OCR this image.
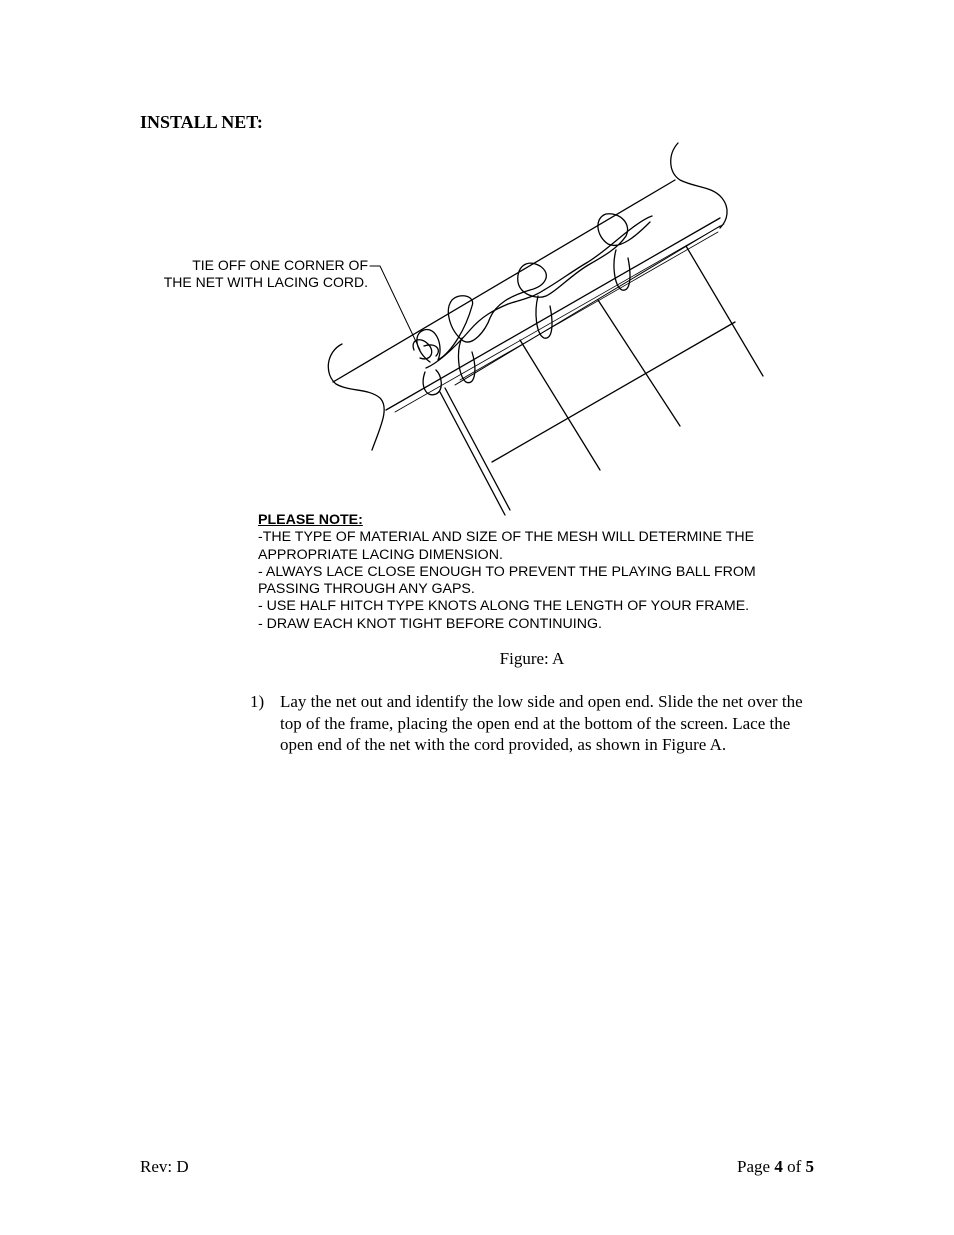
INSTALL NET:
TIE OFF ONE CORNER OF
THE NET WITH LACING CORD.
PLEASE NOTE:
-THE TYPE OF MATERIAL AND SIZE OF THE MESH WILL DETERMINE THE
APPROPRIATE LACING DIMENSION.
- ALWAYS LACE CLOSE ENOUGH TO PREVENT THE PLAYING BALL FROM
PASSING THROUGH ANY GAPS.
- USE HALF HITCH TYPE KNOTS ALONG THE LENGTH OF YOUR FRAME.
- DRAW EACH KNOT TIGHT BEFORE CONTINUING.
Figure: A
1) Lay the net out and identify the low side and open end. Slide the net over the top of the frame, placing the open end at the bottom of the screen. Lace the open end of the net with the cord provided, as shown in Figure A.
Rev: D	Page 4 of 5
